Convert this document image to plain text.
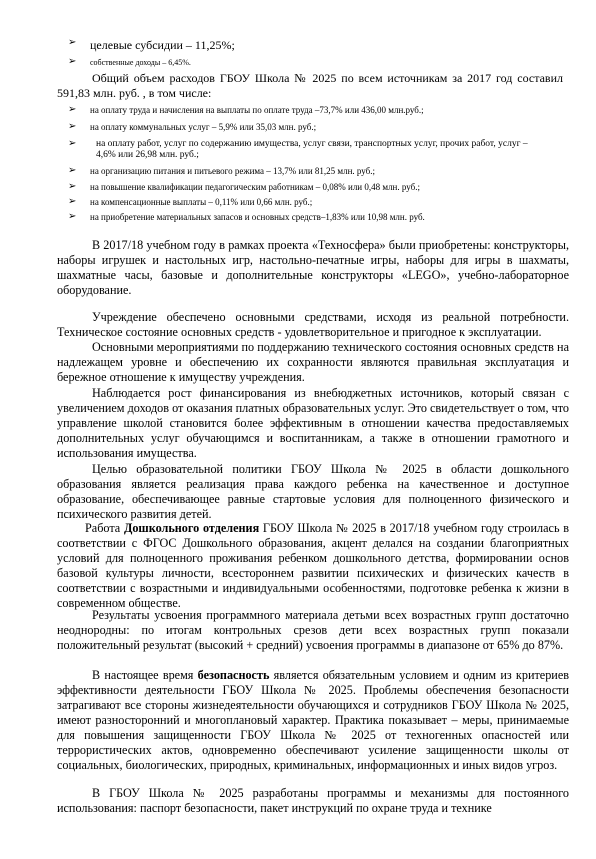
➢ целевые субсидии – 11,25%;
➢ собственные доходы – 6,45%.
Общий объем расходов ГБОУ Школа № 2025 по всем источникам за 2017 год составил 591,83 млн. руб. , в том числе:
➢ на оплату труда и начисления на выплаты по оплате труда –73,7% или 436,00 млн.руб.;
➢ на оплату коммунальных услуг – 5,9% или 35,03 млн. руб.;
➢ на оплату работ, услуг по содержанию имущества, услуг связи, транспортных услуг, прочих работ, услуг – 4,6% или 26,98 млн. руб.;
➢ на организацию питания и питьевого режима – 13,7% или 81,25 млн. руб.;
➢ на повышение квалификации педагогическим работникам – 0,08% или 0,48 млн. руб.;
➢ на компенсационные выплаты – 0,11% или 0,66 млн. руб.;
➢ на приобретение материальных запасов и основных средств–1,83% или 10,98 млн. руб.
В 2017/18 учебном году в рамках проекта «Техносфера» были приобретены: конструкторы, наборы игрушек и настольных игр, настольно-печатные игры, наборы для игры в шахматы, шахматные часы, базовые и дополнительные конструкторы «LEGO», учебно-лабораторное оборудование.
Учреждение обеспечено основными средствами, исходя из реальной потребности. Техническое состояние основных средств - удовлетворительное и пригодное к эксплуатации.
Основными мероприятиями по поддержанию технического состояния основных средств на надлежащем уровне и обеспечению их сохранности являются правильная эксплуатация и бережное отношение к имуществу учреждения.
Наблюдается рост финансирования из внебюджетных источников, который связан с увеличением доходов от оказания платных образовательных услуг. Это свидетельствует о том, что управление школой становится более эффективным в отношении качества предоставляемых дополнительных услуг обучающимся и воспитанникам, а также в отношении грамотного и использования имущества.
Целью образовательной политики ГБОУ Школа № 2025 в области дошкольного образования является реализация права каждого ребенка на качественное и доступное образование, обеспечивающее равные стартовые условия для полноценного физического и психического развития детей.
Работа Дошкольного отделения ГБОУ Школа № 2025 в 2017/18 учебном году строилась в соответствии с ФГОС Дошкольного образования, акцент делался на создании благоприятных условий для полноценного проживания ребенком дошкольного детства, формировании основ базовой культуры личности, всестороннем развитии психических и физических качеств в соответствии с возрастными и индивидуальными особенностями, подготовке ребенка к жизни в современном обществе.
Результаты усвоения программного материала детьми всех возрастных групп достаточно неоднородны: по итогам контрольных срезов дети всех возрастных групп показали положительный результат (высокий + средний) усвоения программы в диапазоне от 65% до 87%.
В настоящее время безопасность является обязательным условием и одним из критериев эффективности деятельности ГБОУ Школа № 2025. Проблемы обеспечения безопасности затрагивают все стороны жизнедеятельности обучающихся и сотрудников ГБОУ Школа № 2025, имеют разносторонний и многоплановый характер. Практика показывает – меры, принимаемые для повышения защищенности ГБОУ Школа № 2025 от техногенных опасностей или террористических актов, одновременно обеспечивают усиление защищенности школы от социальных, биологических, природных, криминальных, информационных и иных видов угроз.
В ГБОУ Школа № 2025 разработаны программы и механизмы для постоянного использования: паспорт безопасности, пакет инструкций по охране труда и технике
